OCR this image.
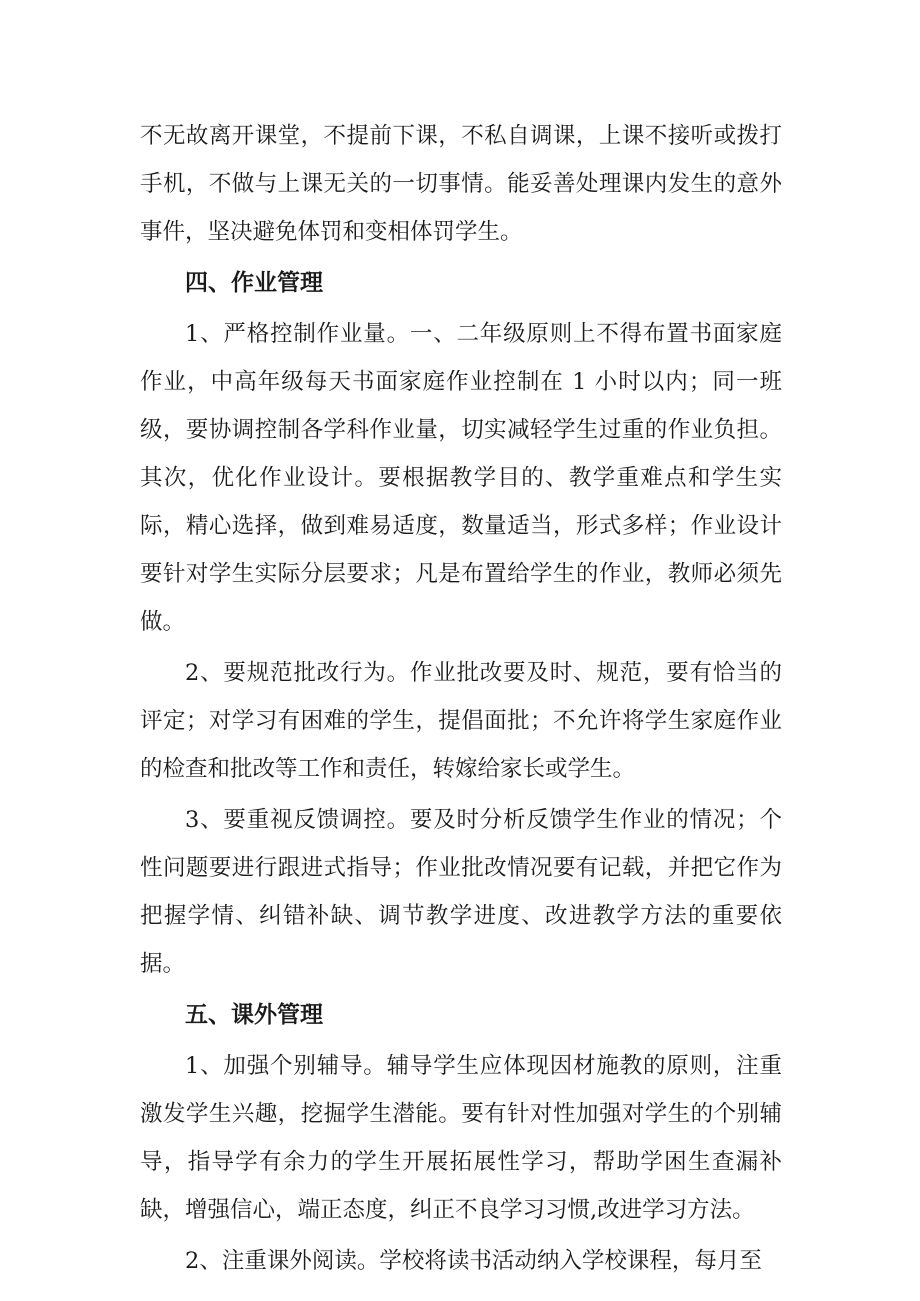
不无故离开课堂，不提前下课，不私自调课，上课不接听或拨打手机，不做与上课无关的一切事情。能妥善处理课内发生的意外事件，坚决避免体罚和变相体罚学生。

四、作业管理

1、严格控制作业量。一、二年级原则上不得布置书面家庭作业，中高年级每天书面家庭作业控制在 1 小时以内；同一班级，要协调控制各学科作业量，切实减轻学生过重的作业负担。其次，优化作业设计。要根据教学目的、教学重难点和学生实际，精心选择，做到难易适度，数量适当，形式多样；作业设计要针对学生实际分层要求；凡是布置给学生的作业，教师必须先做。

2、要规范批改行为。作业批改要及时、规范，要有恰当的评定；对学习有困难的学生，提倡面批；不允许将学生家庭作业的检查和批改等工作和责任，转嫁给家长或学生。

3、要重视反馈调控。要及时分析反馈学生作业的情况；个性问题要进行跟进式指导；作业批改情况要有记载，并把它作为把握学情、纠错补缺、调节教学进度、改进教学方法的重要依据。

五、课外管理

1、加强个别辅导。辅导学生应体现因材施教的原则，注重激发学生兴趣，挖掘学生潜能。要有针对性加强对学生的个别辅导，指导学有余力的学生开展拓展性学习，帮助学困生查漏补缺，增强信心，端正态度，纠正不良学习习惯,改进学习方法。

2、注重课外阅读。学校将读书活动纳入学校课程，每月至
